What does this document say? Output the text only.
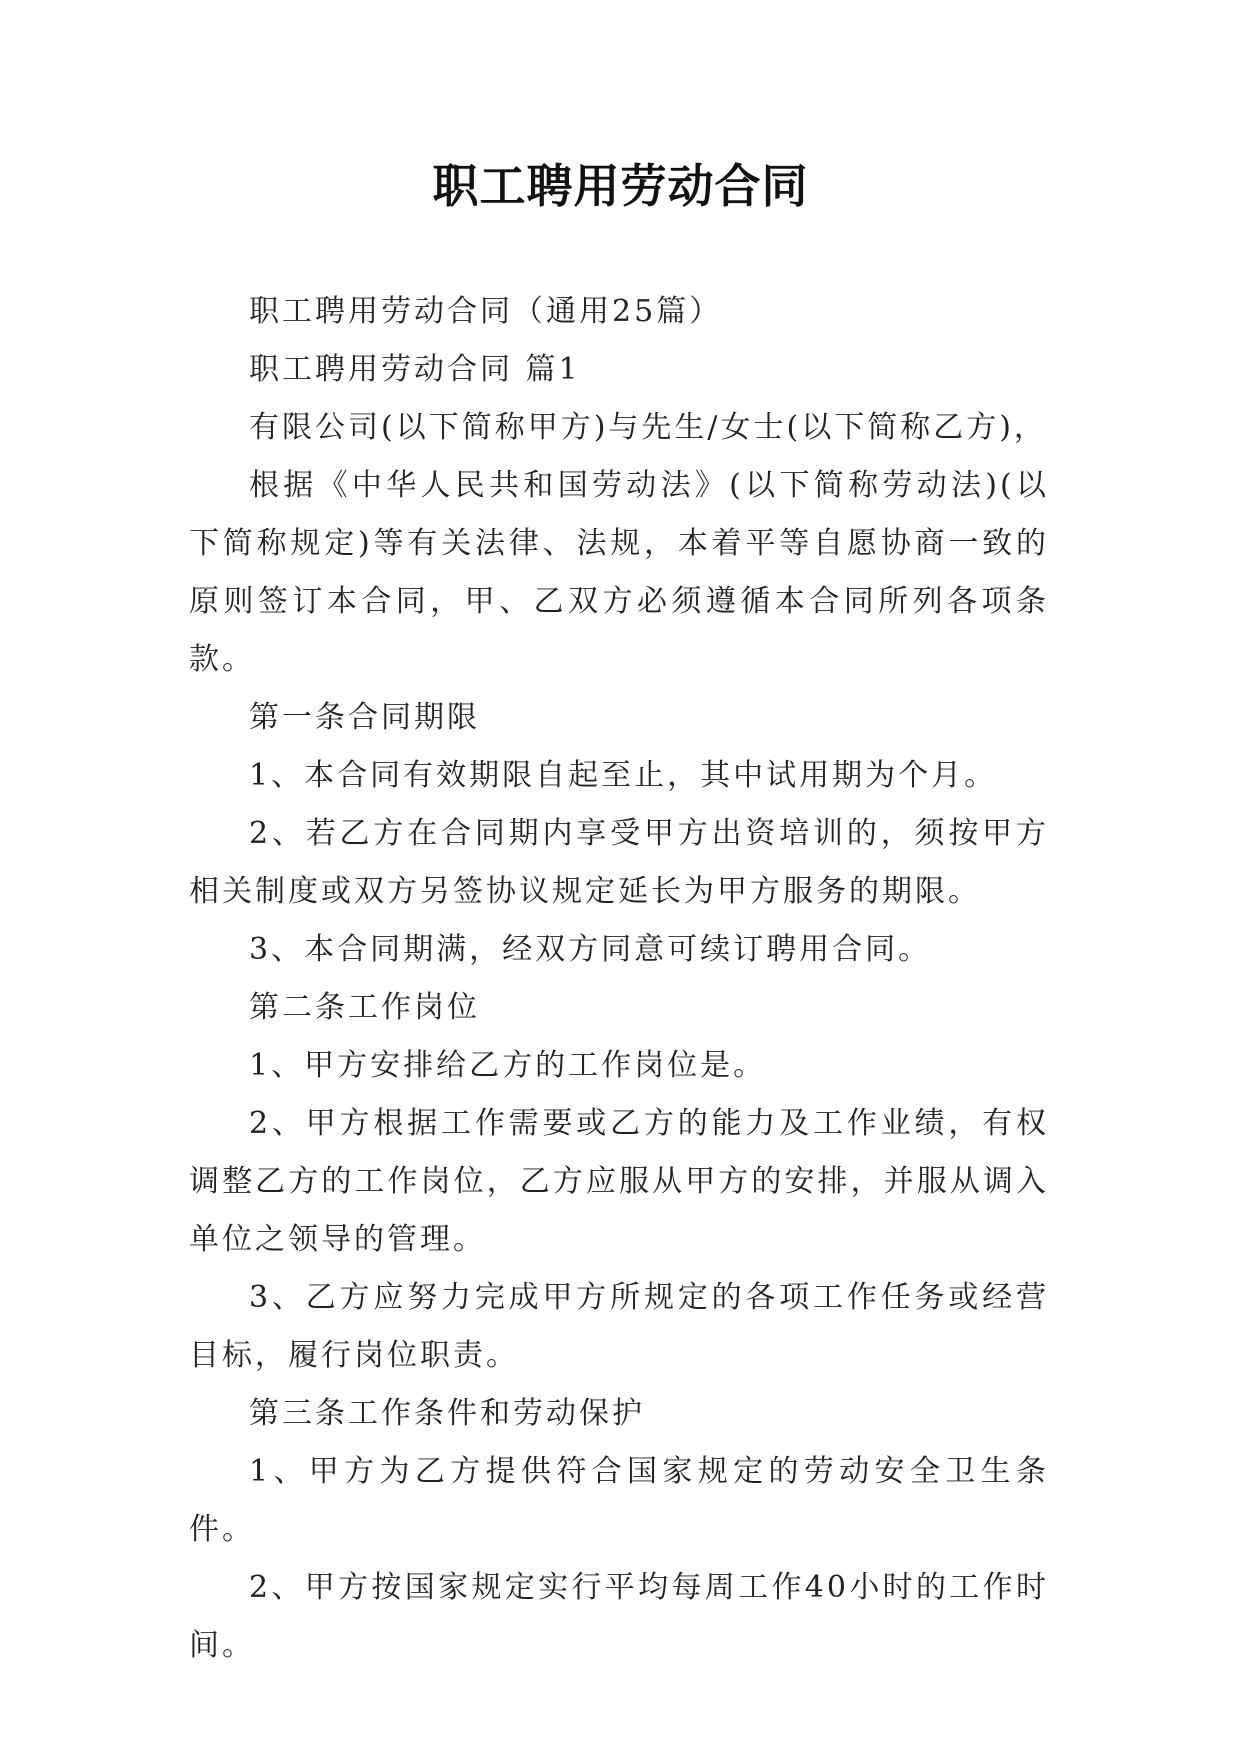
职工聘用劳动合同

职工聘用劳动合同（通用25篇）

职工聘用劳动合同 篇1

有限公司(以下简称甲方)与先生/女士(以下简称乙方)，

根据《中华人民共和国劳动法》(以下简称劳动法)(以下简称规定)等有关法律、法规，本着平等自愿协商一致的原则签订本合同，甲、乙双方必须遵循本合同所列各项条款。

第一条合同期限

1、本合同有效期限自起至止，其中试用期为个月。

2、若乙方在合同期内享受甲方出资培训的，须按甲方相关制度或双方另签协议规定延长为甲方服务的期限。

3、本合同期满，经双方同意可续订聘用合同。

第二条工作岗位

1、甲方安排给乙方的工作岗位是。

2、甲方根据工作需要或乙方的能力及工作业绩，有权调整乙方的工作岗位，乙方应服从甲方的安排，并服从调入单位之领导的管理。

3、乙方应努力完成甲方所规定的各项工作任务或经营目标，履行岗位职责。

第三条工作条件和劳动保护

1、甲方为乙方提供符合国家规定的劳动安全卫生条件。

2、甲方按国家规定实行平均每周工作40小时的工作时间。
